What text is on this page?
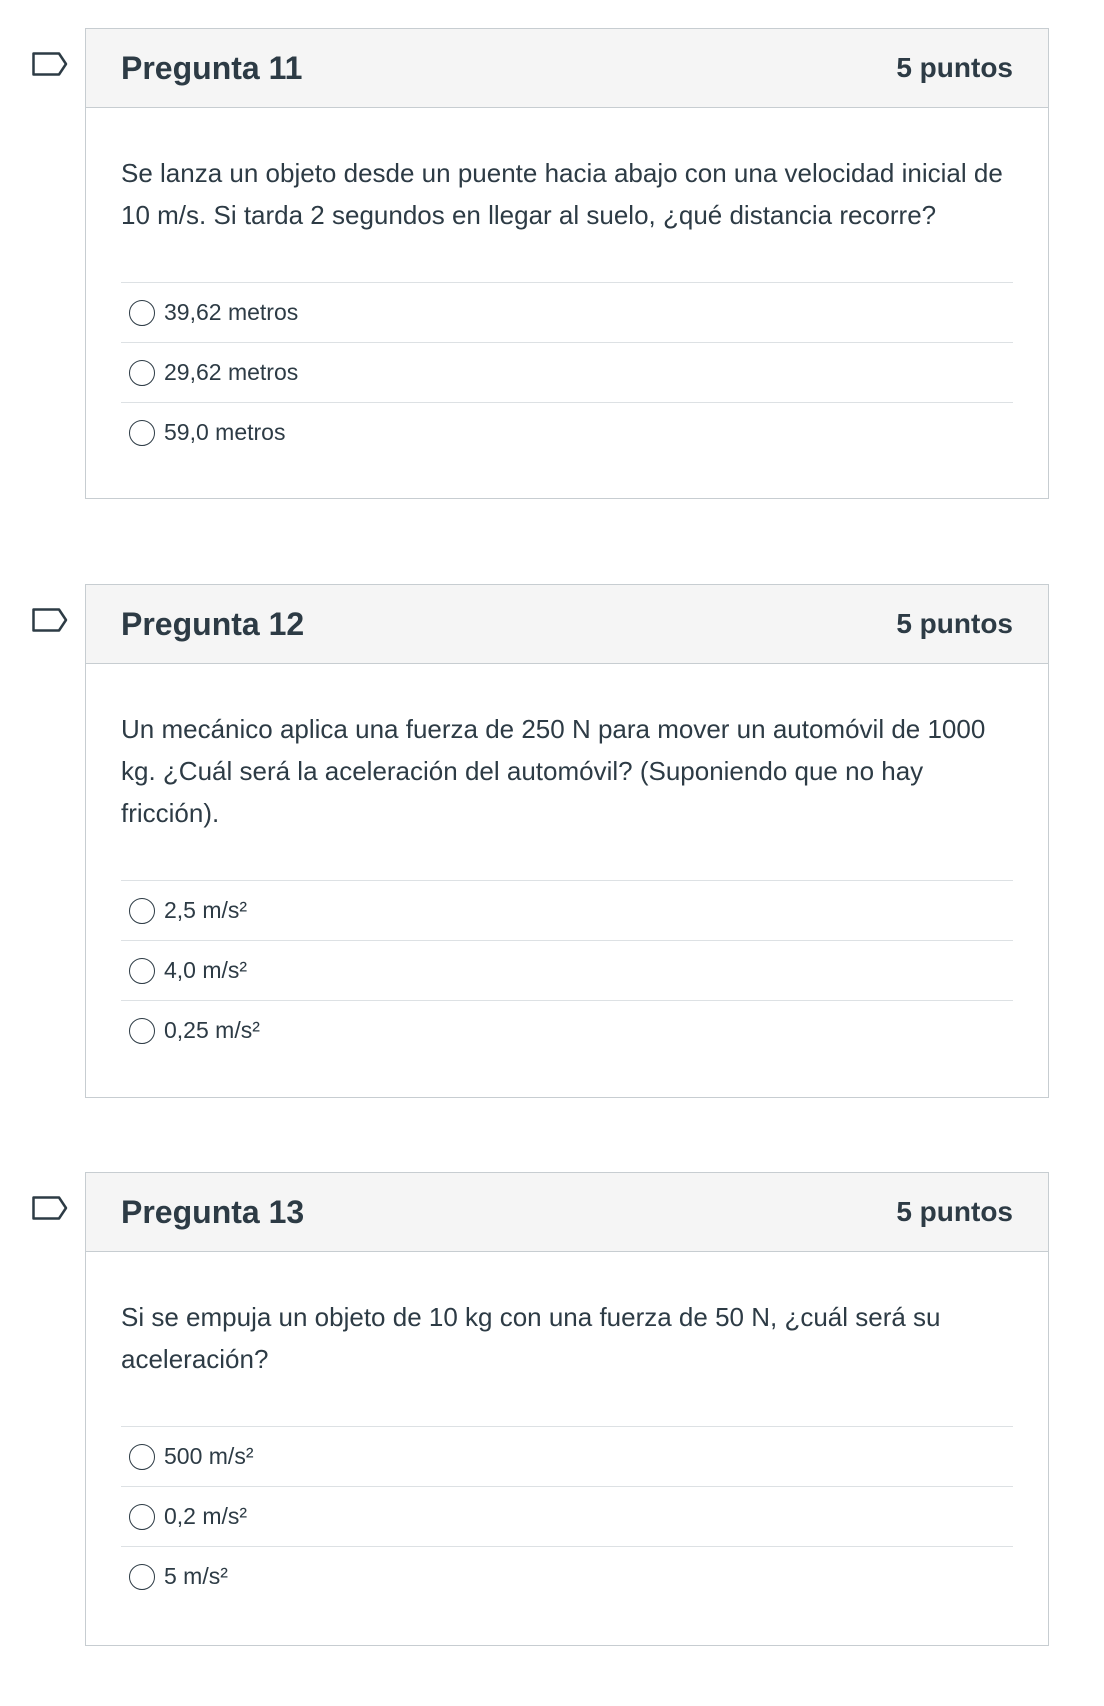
Pregunta 11	5 puntos

Se lanza un objeto desde un puente hacia abajo con una velocidad inicial de 10 m/s. Si tarda 2 segundos en llegar al suelo, ¿qué distancia recorre?

39,62 metros
29,62 metros
59,0 metros
Pregunta 12	5 puntos

Un mecánico aplica una fuerza de 250 N para mover un automóvil de 1000 kg. ¿Cuál será la aceleración del automóvil? (Suponiendo que no hay fricción).

2,5 m/s²
4,0 m/s²
0,25 m/s²
Pregunta 13	5 puntos

Si se empuja un objeto de 10 kg con una fuerza de 50 N, ¿cuál será su aceleración?

500 m/s²
0,2 m/s²
5 m/s²
